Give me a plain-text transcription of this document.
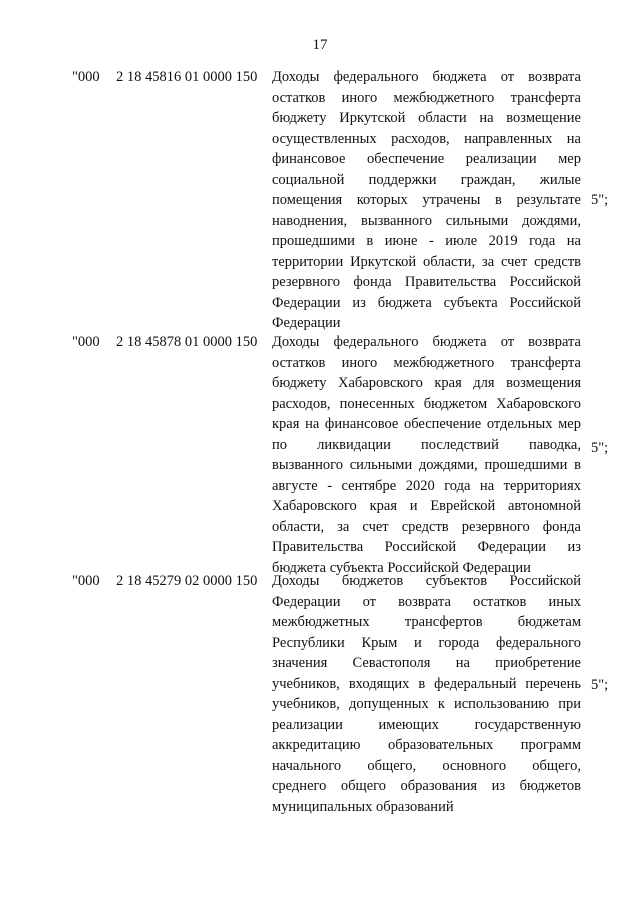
17
"000 2 18 45816 01 0000 150 Доходы федерального бюджета от возврата
остатков иного межбюджетного трансферта
бюджету Иркутской области на возмещение
осуществленных расходов, направленных на
финансовое обеспечение реализации мер
социальной поддержки граждан, жилые
помещения которых утрачены в результате
наводнения, вызванного сильными дождями,
прошедшими в июне - июле 2019 года на
территории Иркутской области, за счет средств
резервного фонда Правительства Российской
Федерации из бюджета субъекта Российской
Федерации
5";
"000 2 18 45878 01 0000 150 Доходы федерального бюджета от возврата
остатков иного межбюджетного трансферта
бюджету Хабаровского края для возмещения
расходов, понесенных бюджетом Хабаровского
края на финансовое обеспечение отдельных мер
по ликвидации последствий паводка,
вызванного сильными дождями, прошедшими в
августе - сентябре 2020 года на территориях
Хабаровского края и Еврейской автономной
области, за счет средств резервного фонда
Правительства Российской Федерации из
бюджета субъекта Российской Федерации
5";
"000 2 18 45279 02 0000 150 Доходы бюджетов субъектов Российской
Федерации от возврата остатков иных
межбюджетных трансфертов бюджетам
Республики Крым и города федерального
значения Севастополя на приобретение
учебников, входящих в федеральный перечень
учебников, допущенных к использованию при
реализации имеющих государственную
аккредитацию образовательных программ
начального общего, основного общего,
среднего общего образования из бюджетов
муниципальных образований
5";
